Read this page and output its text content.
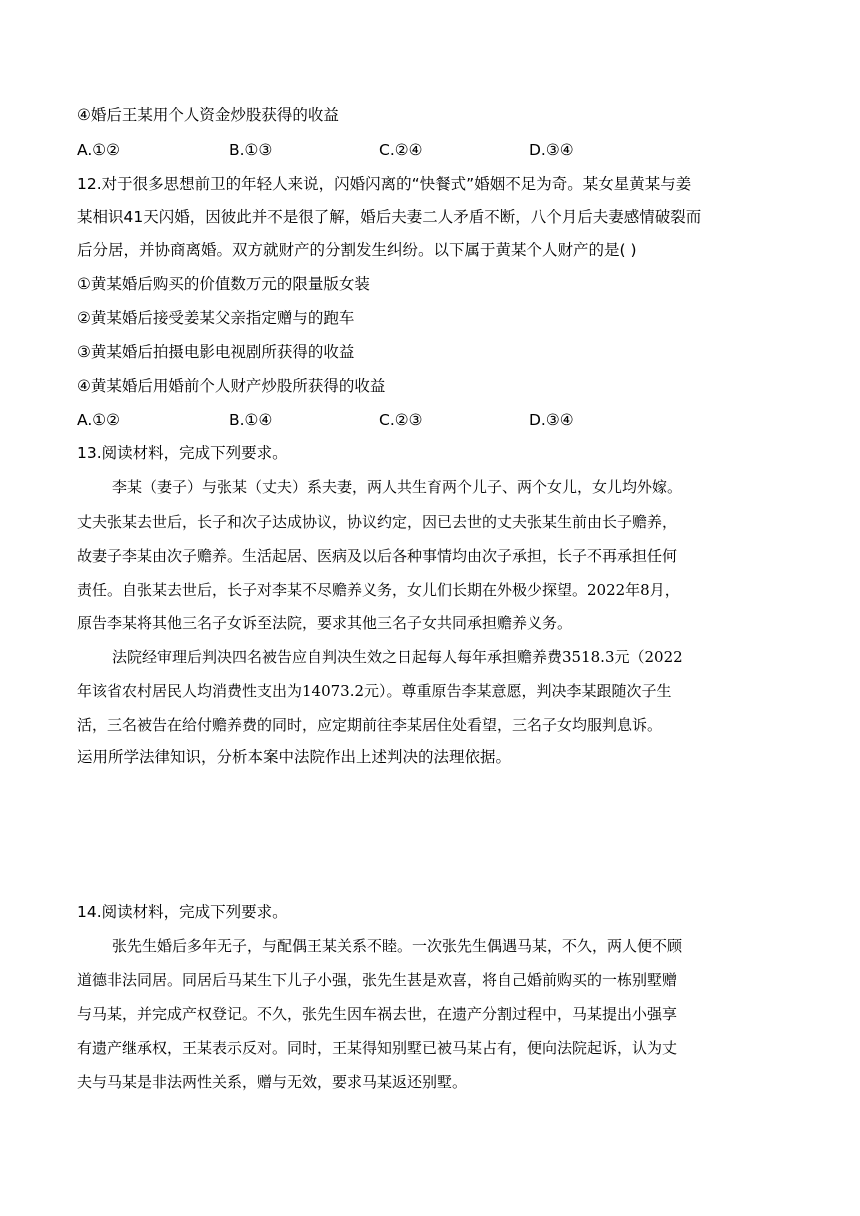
④婚后王某用个人资金炒股获得的收益
A.①②	B.①③	C.②④	D.③④
12.对于很多思想前卫的年轻人来说，闪婚闪离的“快餐式”婚姻不足为奇。某女星黄某与姜
某相识41天闪婚，因彼此并不是很了解，婚后夫妻二人矛盾不断，八个月后夫妻感情破裂而
后分居，并协商离婚。双方就财产的分割发生纠纷。以下属于黄某个人财产的是( )
①黄某婚后购买的价值数万元的限量版女装
②黄某婚后接受姜某父亲指定赠与的跑车
③黄某婚后拍摄电影电视剧所获得的收益
④黄某婚后用婚前个人财产炒股所获得的收益
A.①②	B.①④	C.②③	D.③④
13.阅读材料，完成下列要求。
李某（妻子）与张某（丈夫）系夫妻，两人共生育两个儿子、两个女儿，女儿均外嫁。
丈夫张某去世后，长子和次子达成协议，协议约定，因已去世的丈夫张某生前由长子赡养，
故妻子李某由次子赡养。生活起居、医病及以后各种事情均由次子承担，长子不再承担任何
责任。自张某去世后，长子对李某不尽赡养义务，女儿们长期在外极少探望。2022年8月，
原告李某将其他三名子女诉至法院，要求其他三名子女共同承担赡养义务。
法院经审理后判决四名被告应自判决生效之日起每人每年承担赡养费3518.3元（2022
年该省农村居民人均消费性支出为14073.2元）。尊重原告李某意愿，判决李某跟随次子生
活，三名被告在给付赡养费的同时，应定期前往李某居住处看望，三名子女均服判息诉。
运用所学法律知识，分析本案中法院作出上述判决的法理依据。
14.阅读材料，完成下列要求。
张先生婚后多年无子，与配偶王某关系不睦。一次张先生偶遇马某，不久，两人便不顾
道德非法同居。同居后马某生下儿子小强，张先生甚是欢喜，将自己婚前购买的一栋别墅赠
与马某，并完成产权登记。不久，张先生因车祸去世，在遗产分割过程中，马某提出小强享
有遗产继承权，王某表示反对。同时，王某得知别墅已被马某占有，便向法院起诉，认为丈
夫与马某是非法两性关系，赠与无效，要求马某返还别墅。
